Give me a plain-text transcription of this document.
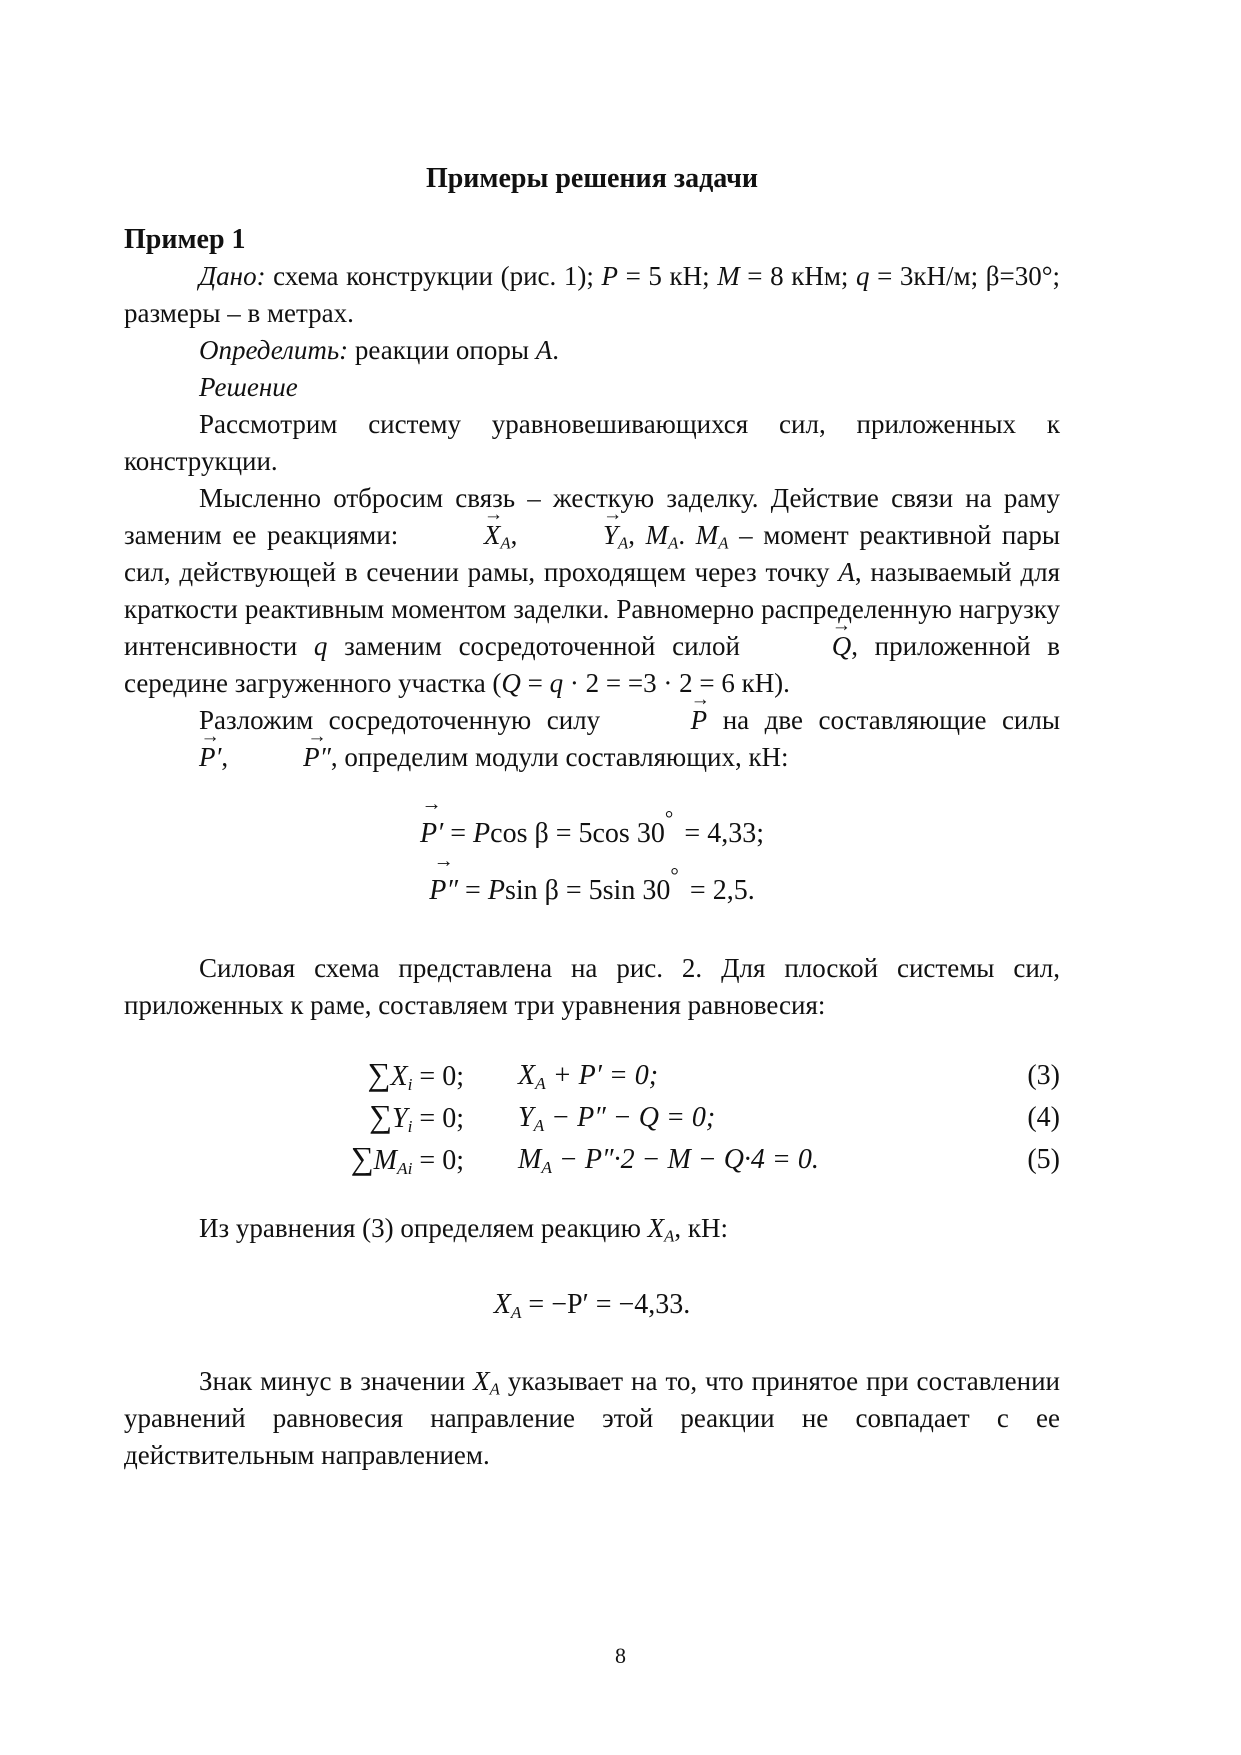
Примеры решения задачи

Пример 1

Дано: схема конструкции (рис. 1); P = 5 кН; M = 8 кНм; q = 3кН/м; β=30°; размеры – в метрах.

Определить: реакции опоры A.

Решение

Рассмотрим систему уравновешивающихся сил, приложенных к конструкции.

Мысленно отбросим связь – жесткую заделку. Действие связи на раму заменим ее реакциями:	→ $X_A$,	→ $Y_A$, $M_A$. $M_A$ – момент реактивной пары сил, действующей в сечении рамы, проходящем через точку A, называемый для краткости реактивным моментом заделки. Равномерно распределенную нагрузку интенсивности q заменим сосредоточенной силой	→ Q, приложенной в середине загруженного участка (Q = q · 2 = =3 · 2 = 6 кН).

Разложим сосредоточенную силу	→ P на две составляющие силы → P′,	→ P″, определим модули составляющих, кН:

→ P′ = Pcos β = 5cos 30° = 4,33;
→ P″ = Psin β = 5sin 30° = 2,5.

Силовая схема представлена на рис. 2. Для плоской системы сил, приложенных к раме, составляем три уравнения равновесия:

$\sum X_i = 0$;	$X_A + P' = 0$;	(3)
$\sum Y_i = 0$;	$Y_A - P'' - Q = 0$;	(4)
$\sum M_{Ai} = 0$;	$M_A - P''\cdot 2 - M - Q\cdot 4 = 0$.	(5)

Из уравнения (3) определяем реакцию $X_A$, кН:

$X_A = -P' = -4,33$.

Знак минус в значении $X_A$ указывает на то, что принятое при составлении уравнений равновесия направление этой реакции не совпадает с ее действительным направлением.

8
